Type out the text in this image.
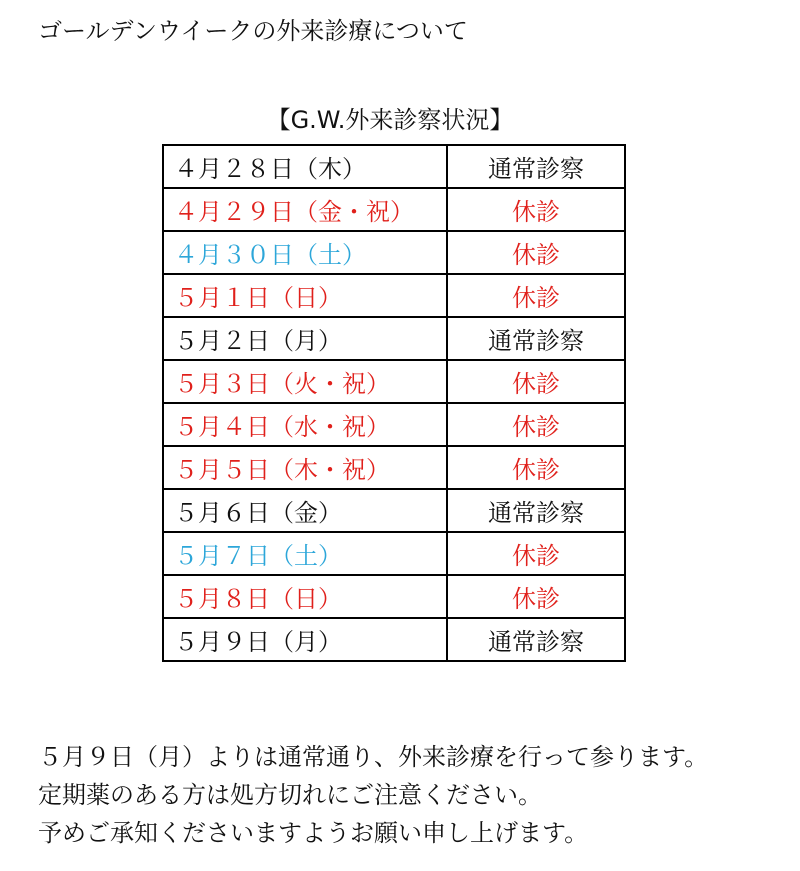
ゴールデンウイークの外来診療について
【G.W.外来診察状況】
４月２８日（木）	通常診察
４月２９日（金・祝）	休診
４月３０日（土）	休診
５月１日（日）	休診
５月２日（月）	通常診察
５月３日（火・祝）	休診
５月４日（水・祝）	休診
５月５日（木・祝）	休診
５月６日（金）	通常診察
５月７日（土）	休診
５月８日（日）	休診
５月９日（月）	通常診察

５月９日（月）よりは通常通り、外来診療を行って参ります。

定期薬のある方は処方切れにご注意ください。

予めご承知くださいますようお願い申し上げます。
